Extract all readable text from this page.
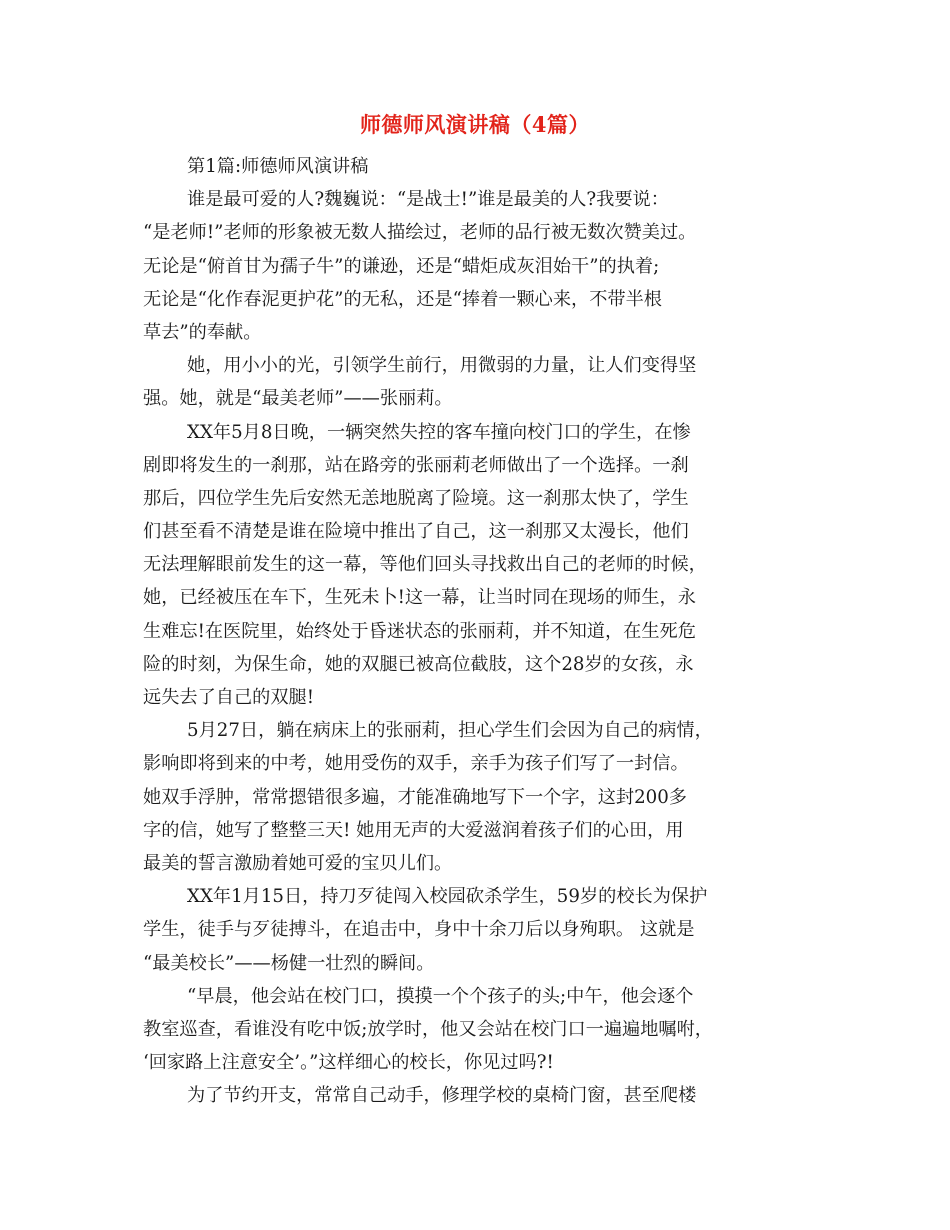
师德师风演讲稿（4篇）
第1篇:师德师风演讲稿
谁是最可爱的人?魏巍说：“是战士!”谁是最美的人?我要说：
“是老师!”老师的形象被无数人描绘过，老师的品行被无数次赞美过。
无论是“俯首甘为孺子牛”的谦逊，还是“蜡炬成灰泪始干”的执着;
无论是“化作春泥更护花”的无私，还是“捧着一颗心来，不带半根
草去”的奉献。
她，用小小的光，引领学生前行，用微弱的力量，让人们变得坚
强。她，就是“最美老师”——张丽莉。
XX年5月8日晚，一辆突然失控的客车撞向校门口的学生，在惨
剧即将发生的一刹那，站在路旁的张丽莉老师做出了一个选择。一刹
那后，四位学生先后安然无恙地脱离了险境。这一刹那太快了，学生
们甚至看不清楚是谁在险境中推出了自己，这一刹那又太漫长，他们
无法理解眼前发生的这一幕，等他们回头寻找救出自己的老师的时候，
她，已经被压在车下，生死未卜!这一幕，让当时同在现场的师生，永
生难忘!在医院里，始终处于昏迷状态的张丽莉，并不知道，在生死危
险的时刻，为保生命，她的双腿已被高位截肢，这个28岁的女孩，永
远失去了自己的双腿!
5月27日，躺在病床上的张丽莉，担心学生们会因为自己的病情，
影响即将到来的中考，她用受伤的双手，亲手为孩子们写了一封信。
她双手浮肿，常常摁错很多遍，才能准确地写下一个字，这封200多
字的信，她写了整整三天! 她用无声的大爱滋润着孩子们的心田，用
最美的誓言激励着她可爱的宝贝儿们。
XX年1月15日，持刀歹徒闯入校园砍杀学生，59岁的校长为保护
学生，徒手与歹徒搏斗，在追击中，身中十余刀后以身殉职。 这就是
“最美校长”——杨健一壮烈的瞬间。
“早晨，他会站在校门口，摸摸一个个孩子的头;中午，他会逐个
教室巡查，看谁没有吃中饭;放学时，他又会站在校门口一遍遍地嘱咐，
‘回家路上注意安全’。”这样细心的校长，你见过吗?!
为了节约开支，常常自己动手，修理学校的桌椅门窗，甚至爬楼
